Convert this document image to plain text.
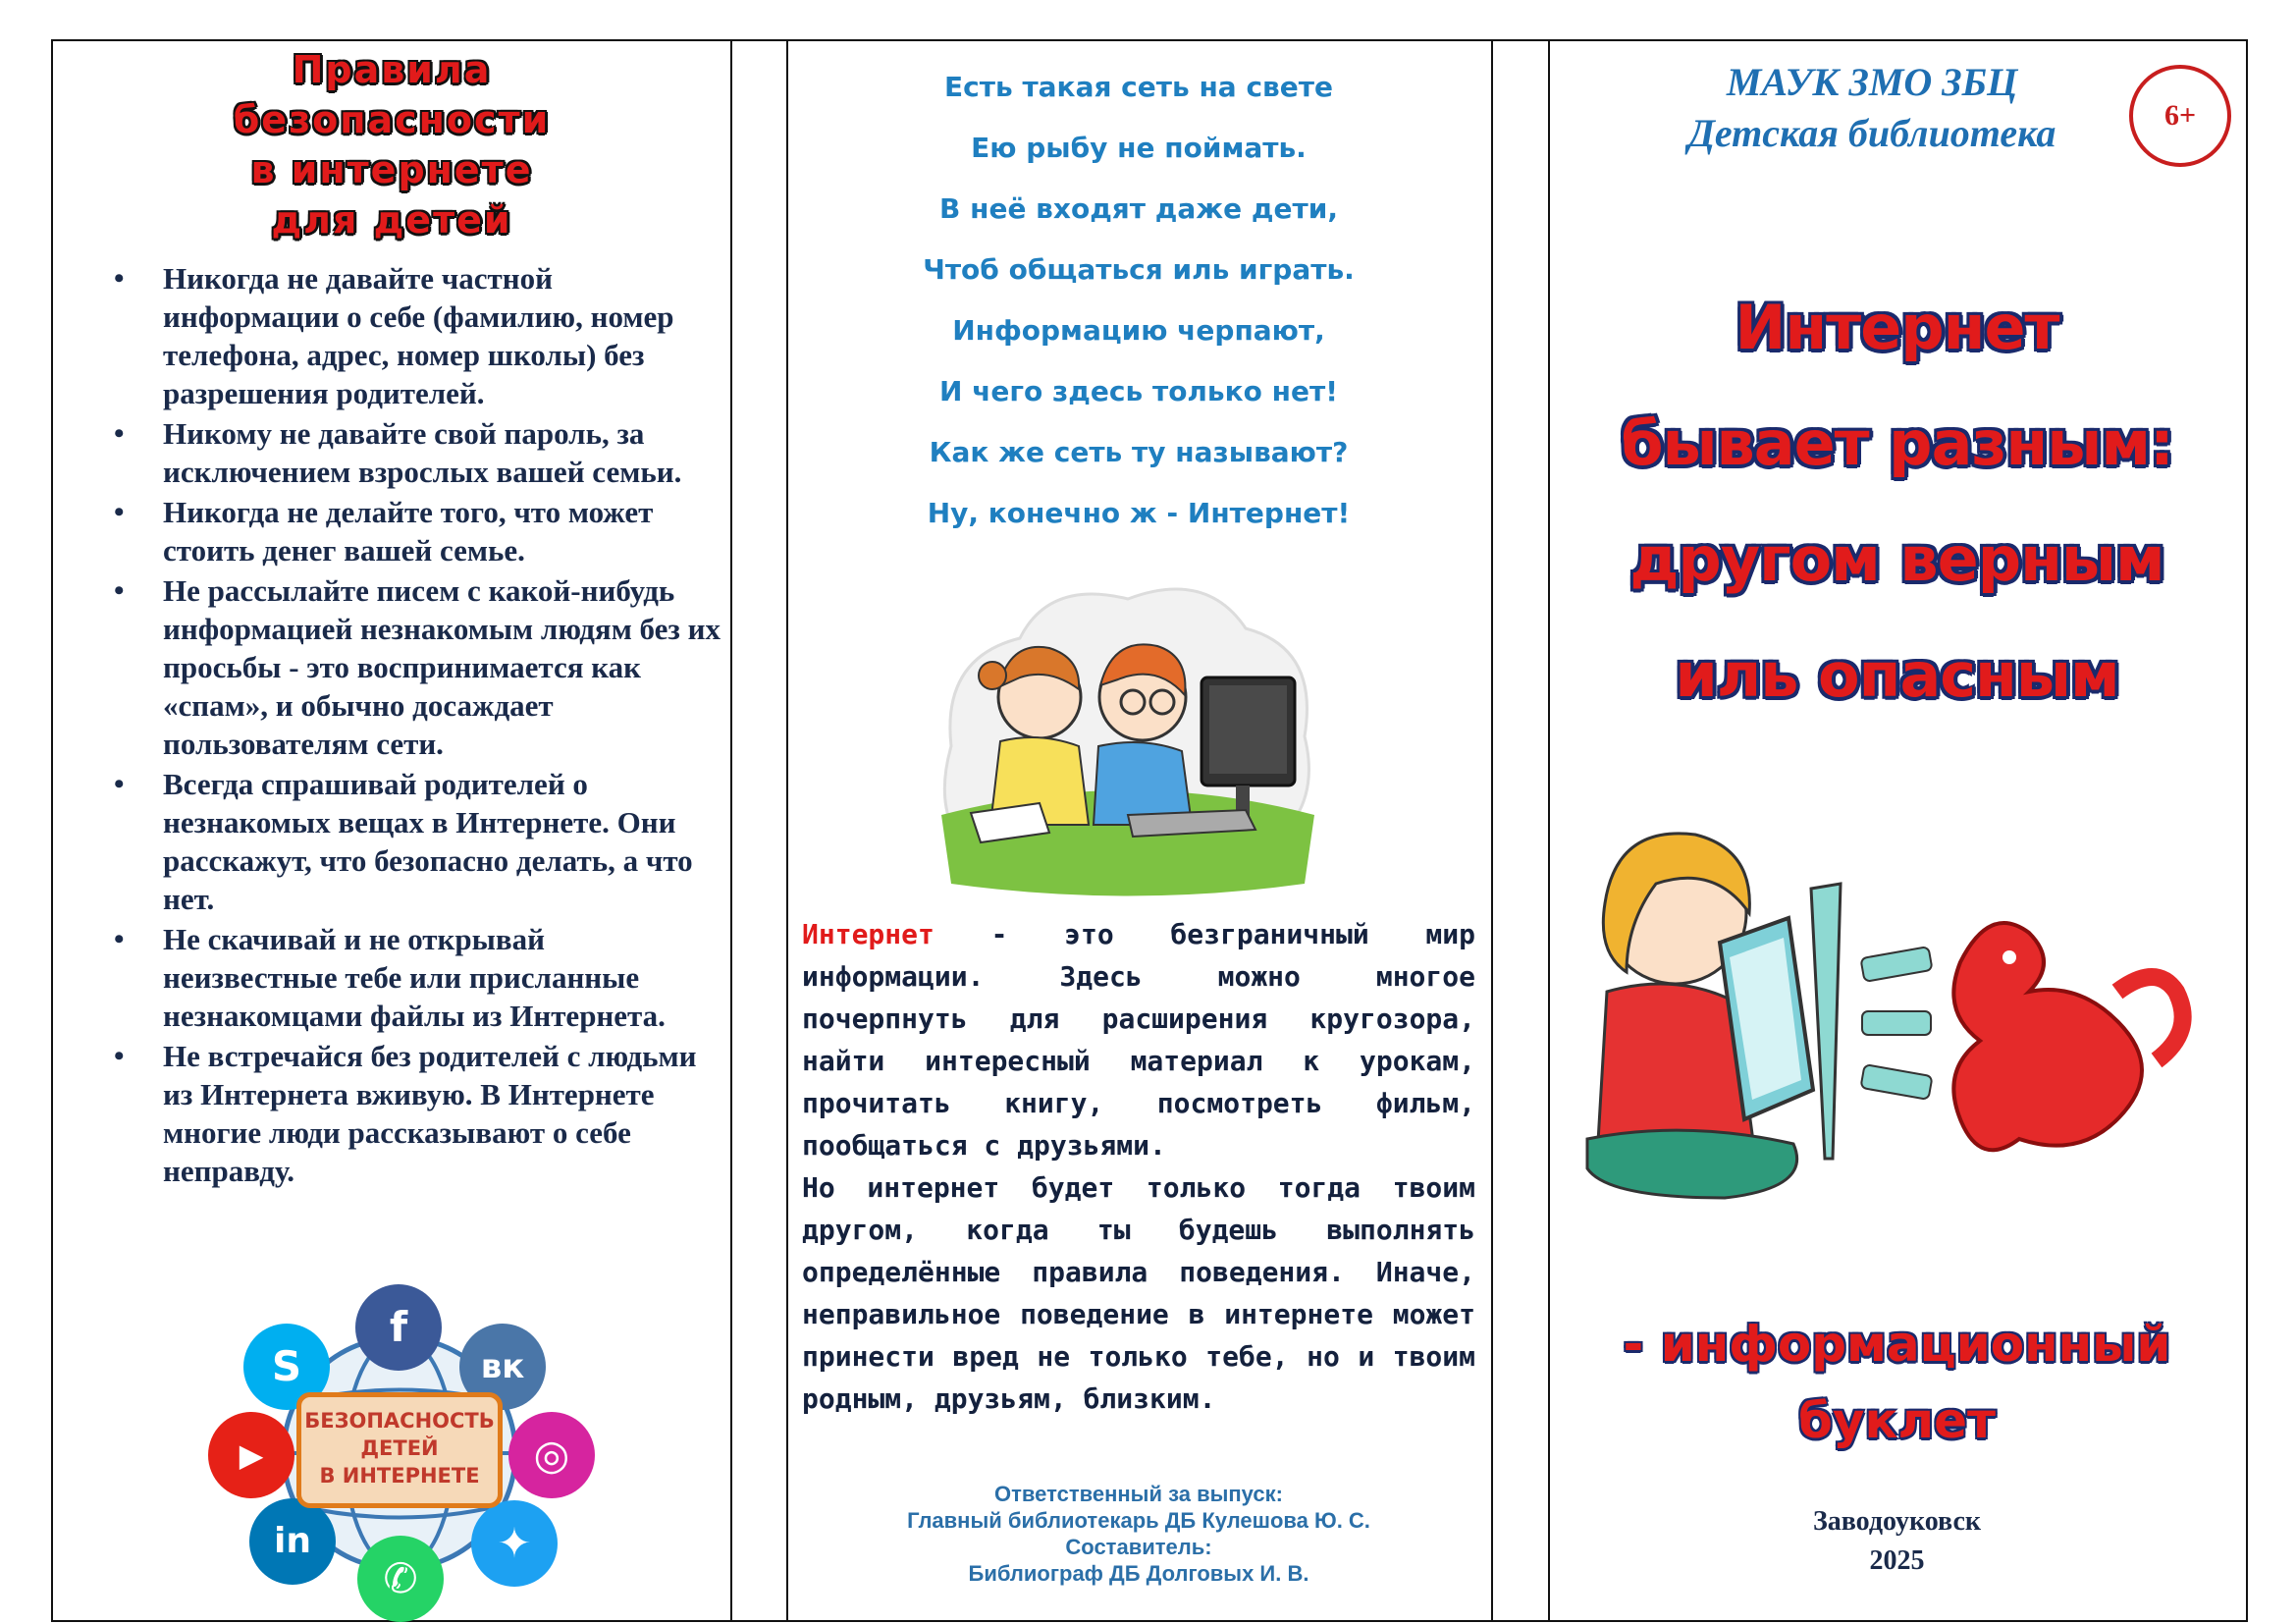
Правила
безопасности
в интернете
для детей
• Никогда не давайте частной информации о себе (фамилию, номер телефона, адрес, номер школы) без разрешения родителей.
• Никому не давайте свой пароль, за исключением взрослых вашей семьи.
• Никогда не делайте того, что может стоить денег вашей семье.
• Не рассылайте писем с какой-нибудь информацией незнакомым людям без их просьбы - это воспринимается как «спам», и обычно досаждает пользователям сети.
• Всегда спрашивай родителей о незнакомых вещах в Интернете. Они расскажут, что безопасно делать, а что нет.
• Не скачивай и не открывай неизвестные тебе или присланные незнакомцами файлы из Интернета.
• Не встречайся без родителей с людьми из Интернета вживую. В Интернете многие люди рассказывают о себе неправду.
f
вк
◎
✦
✆
in
▶
S
БЕЗОПАСНОСТЬ
ДЕТЕЙ
В ИНТЕРНЕТЕ
Есть такая сеть на свете
Ею рыбу не поймать.
В неё входят даже дети,
Чтоб общаться иль играть.
Информацию черпают,
И чего здесь только нет!
Как же сеть ту называют?
Ну, конечно ж - Интернет!

Интернет - это безграничный мир информации. Здесь можно многое почерпнуть для расширения кругозора, найти интересный материал к урокам, прочитать книгу, посмотреть фильм, пообщаться с друзьями.

Но интернет будет только тогда твоим другом, когда ты будешь выполнять определённые правила поведения. Иначе, неправильное поведение в интернете может принести вред не только тебе, но и твоим родным, друзьям, близким.

Ответственный за выпуск:
Главный библиотекарь ДБ Кулешова Ю. С.
Составитель:
Библиограф ДБ Долговых И. В.
МАУК ЗМО ЗБЦ
Детская библиотека	6+
Интернет
бывает разным:
другом верным
иль опасным
- информационный
буклет
Заводоуковск
2025
